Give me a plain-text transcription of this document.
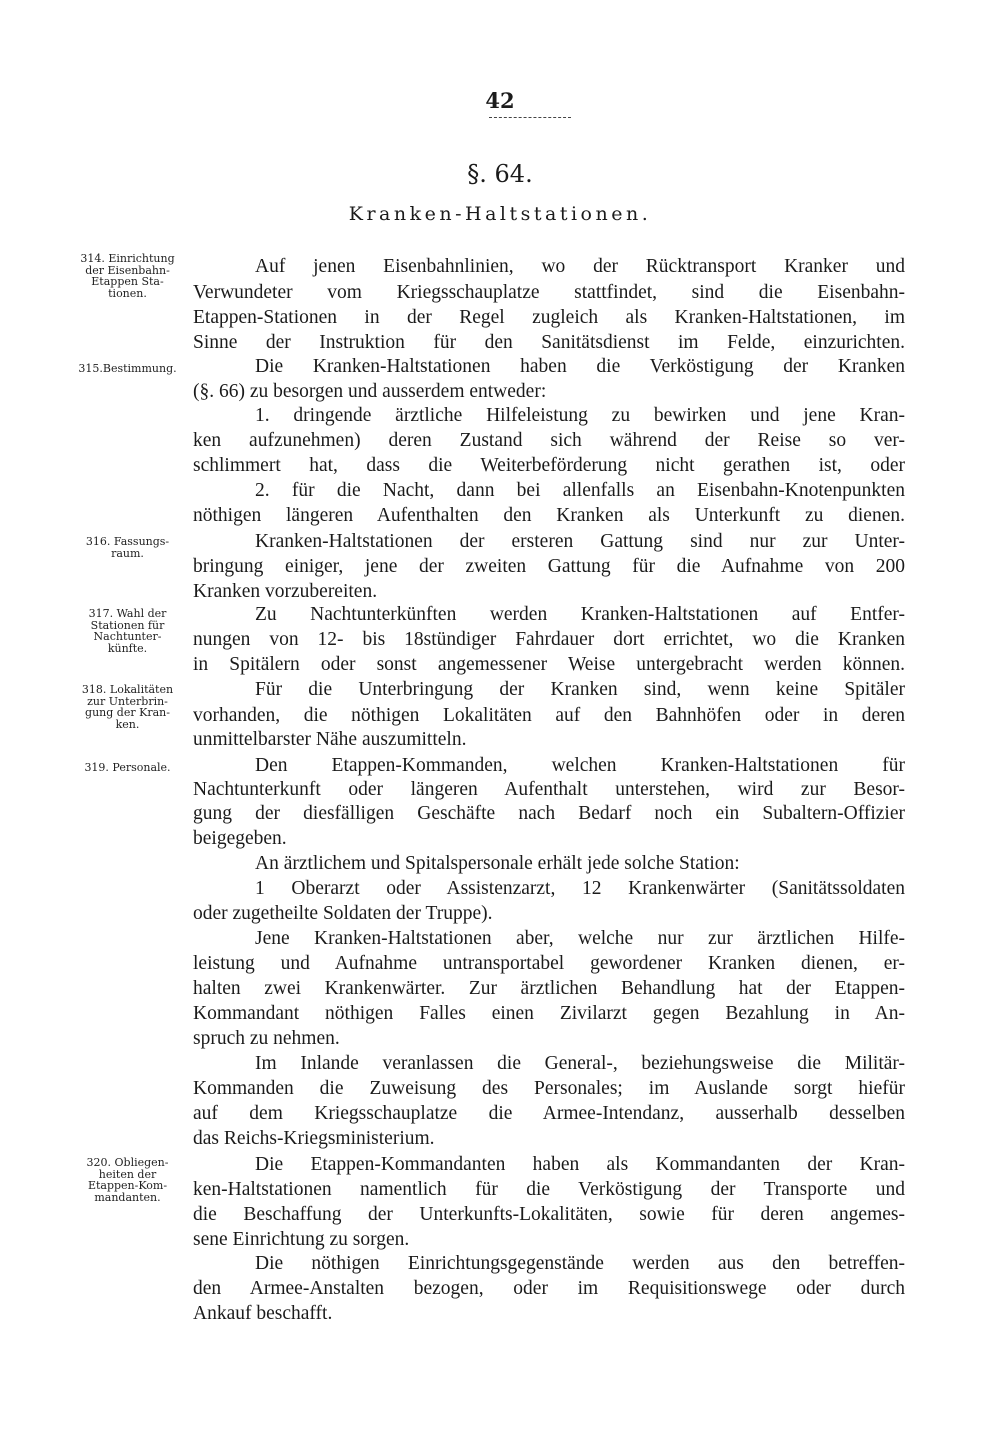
42
§. 64.
Kranken-Haltstationen.
314. Einrichtung
der Eisenbahn-
Etappen Sta-
tionen.
315.Bestimmung.
316. Fassungs-
raum.
317. Wahl der
Stationen für
Nachtunter-
künfte.
318. Lokalitäten
zur Unterbrin-
gung der Kran-
ken.
319. Personale.
320. Obliegen-
heiten der
Etappen-Kom-
mandanten.
Auf jenen Eisenbahnlinien, wo der Rücktransport Kranker und
Verwundeter vom Kriegsschauplatze stattfindet, sind die Eisenbahn-
Etappen-Stationen in der Regel zugleich als Kranken-Haltstationen, im
Sinne der Instruktion für den Sanitätsdienst im Felde, einzurichten.
Die Kranken-Haltstationen haben die Verköstigung der Kranken
(§. 66) zu besorgen und ausserdem entweder:
1. dringende ärztliche Hilfeleistung zu bewirken und jene Kran-
ken aufzunehmen) deren Zustand sich während der Reise so ver-
schlimmert hat, dass die Weiterbeförderung nicht gerathen ist, oder
2. für die Nacht, dann bei allenfalls an Eisenbahn-Knotenpunkten
nöthigen längeren Aufenthalten den Kranken als Unterkunft zu dienen.
Kranken-Haltstationen der ersteren Gattung sind nur zur Unter-
bringung einiger, jene der zweiten Gattung für die Aufnahme von 200
Kranken vorzubereiten.
Zu Nachtunterkünften werden Kranken-Haltstationen auf Entfer-
nungen von 12- bis 18stündiger Fahrdauer dort errichtet, wo die Kranken
in Spitälern oder sonst angemessener Weise untergebracht werden können.
Für die Unterbringung der Kranken sind, wenn keine Spitäler
vorhanden, die nöthigen Lokalitäten auf den Bahnhöfen oder in deren
unmittelbarster Nähe auszumitteln.
Den Etappen-Kommanden, welchen Kranken-Haltstationen für
Nachtunterkunft oder längeren Aufenthalt unterstehen, wird zur Besor-
gung der diesfälligen Geschäfte nach Bedarf noch ein Subaltern-Offizier
beigegeben.
An ärztlichem und Spitalspersonale erhält jede solche Station:
1 Oberarzt oder Assistenzarzt, 12 Krankenwärter (Sanitätssoldaten
oder zugetheilte Soldaten der Truppe).
Jene Kranken-Haltstationen aber, welche nur zur ärztlichen Hilfe-
leistung und Aufnahme untransportabel gewordener Kranken dienen, er-
halten zwei Krankenwärter. Zur ärztlichen Behandlung hat der Etappen-
Kommandant nöthigen Falles einen Zivilarzt gegen Bezahlung in An-
spruch zu nehmen.
Im Inlande veranlassen die General-, beziehungsweise die Militär-
Kommanden die Zuweisung des Personales; im Auslande sorgt hiefür
auf dem Kriegsschauplatze die Armee-Intendanz, ausserhalb desselben
das Reichs-Kriegsministerium.
Die Etappen-Kommandanten haben als Kommandanten der Kran-
ken-Haltstationen namentlich für die Verköstigung der Transporte und
die Beschaffung der Unterkunfts-Lokalitäten, sowie für deren angemes-
sene Einrichtung zu sorgen.
Die nöthigen Einrichtungsgegenstände werden aus den betreffen-
den Armee-Anstalten bezogen, oder im Requisitionswege oder durch
Ankauf beschafft.
